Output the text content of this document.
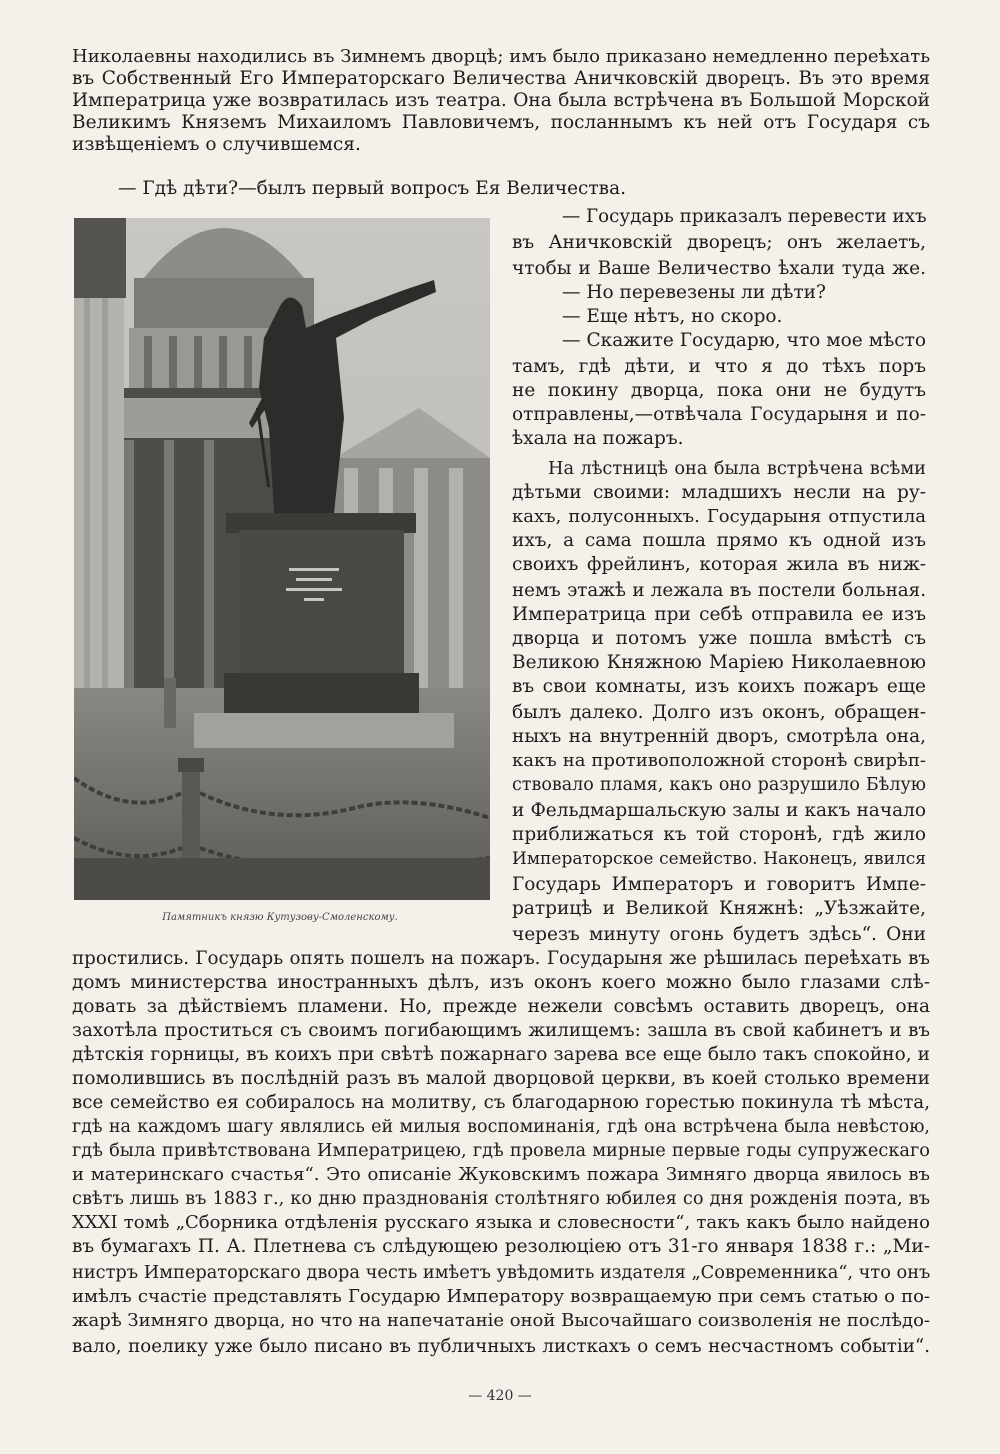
Николаевны находились въ Зимнемъ дворцѣ; имъ было приказано немедленно переѣхать
въ Собственный Его Императорскаго Величества Аничковскій дворецъ. Въ это время
Императрица уже возвратилась изъ театра. Она была встрѣчена въ Большой Морской
Великимъ Княземъ Михаиломъ Павловичемъ, посланнымъ къ ней отъ Государя съ
извѣщеніемъ о случившемся.
— Гдѣ дѣти?—былъ первый вопросъ Ея Величества.
Памятникъ князю Кутузову-Смоленскому.
— Государь приказалъ перевести ихъ
въ Аничковскій дворецъ; онъ желаетъ,
чтобы и Ваше Величество ѣхали туда же.
— Но перевезены ли дѣти?
— Еще нѣтъ, но скоро.
— Скажите Государю, что мое мѣсто
тамъ, гдѣ дѣти, и что я до тѣхъ поръ
не покину дворца, пока они не будутъ
отправлены,—отвѣчала Государыня и по-
ѣхала на пожаръ.
На лѣстницѣ она была встрѣчена всѣми
дѣтьми своими: младшихъ несли на ру-
кахъ, полусонныхъ. Государыня отпустила
ихъ, а сама пошла прямо къ одной изъ
своихъ фрейлинъ, которая жила въ ниж-
немъ этажѣ и лежала въ постели больная.
Императрица при себѣ отправила ее изъ
дворца и потомъ уже пошла вмѣстѣ съ
Великою Княжною Маріею Николаевною
въ свои комнаты, изъ коихъ пожаръ еще
былъ далеко. Долго изъ оконъ, обращен-
ныхъ на внутренній дворъ, смотрѣла она,
какъ на противоположной сторонѣ свирѣп-
ствовало пламя, какъ оно разрушило Бѣлую
и Фельдмаршальскую залы и какъ начало
приближаться къ той сторонѣ, гдѣ жило
Императорское семейство. Наконецъ, явился
Государь Императоръ и говоритъ Импе-
ратрицѣ и Великой Княжнѣ: „Уѣзжайте,
черезъ минуту огонь будетъ здѣсь“. Они
простились. Государь опять пошелъ на пожаръ. Государыня же рѣшилась переѣхать въ
домъ министерства иностранныхъ дѣлъ, изъ оконъ коего можно было глазами слѣ-
довать за дѣйствіемъ пламени. Но, прежде нежели совсѣмъ оставить дворецъ, она
захотѣла проститься съ своимъ погибающимъ жилищемъ: зашла въ свой кабинетъ и въ
дѣтскія горницы, въ коихъ при свѣтѣ пожарнаго зарева все еще было такъ спокойно, и
помолившись въ послѣдній разъ въ малой дворцовой церкви, въ коей столько времени
все семейство ея собиралось на молитву, съ благодарною горестью покинула тѣ мѣста,
гдѣ на каждомъ шагу являлись ей милыя воспоминанія, гдѣ она встрѣчена была невѣстою,
гдѣ была привѣтствована Императрицею, гдѣ провела мирные первые годы супружескаго
и материнскаго счастья“. Это описаніе Жуковскимъ пожара Зимняго дворца явилось въ
свѣтъ лишь въ 1883 г., ко дню празднованія столѣтняго юбилея со дня рожденія поэта, въ
XXXI томѣ „Сборника отдѣленія русскаго языка и словесности“, такъ какъ было найдено
въ бумагахъ П. А. Плетнева съ слѣдующею резолюціею отъ 31-го января 1838 г.: „Ми-
нистръ Императорскаго двора честь имѣетъ увѣдомить издателя „Современника“, что онъ
имѣлъ счастіе представлять Государю Императору возвращаемую при семъ статью о по-
жарѣ Зимняго дворца, но что на напечатаніе оной Высочайшаго соизволенія не послѣдо-
вало, поелику уже было писано въ публичныхъ листкахъ о семъ несчастномъ событіи“.
— 420 —
